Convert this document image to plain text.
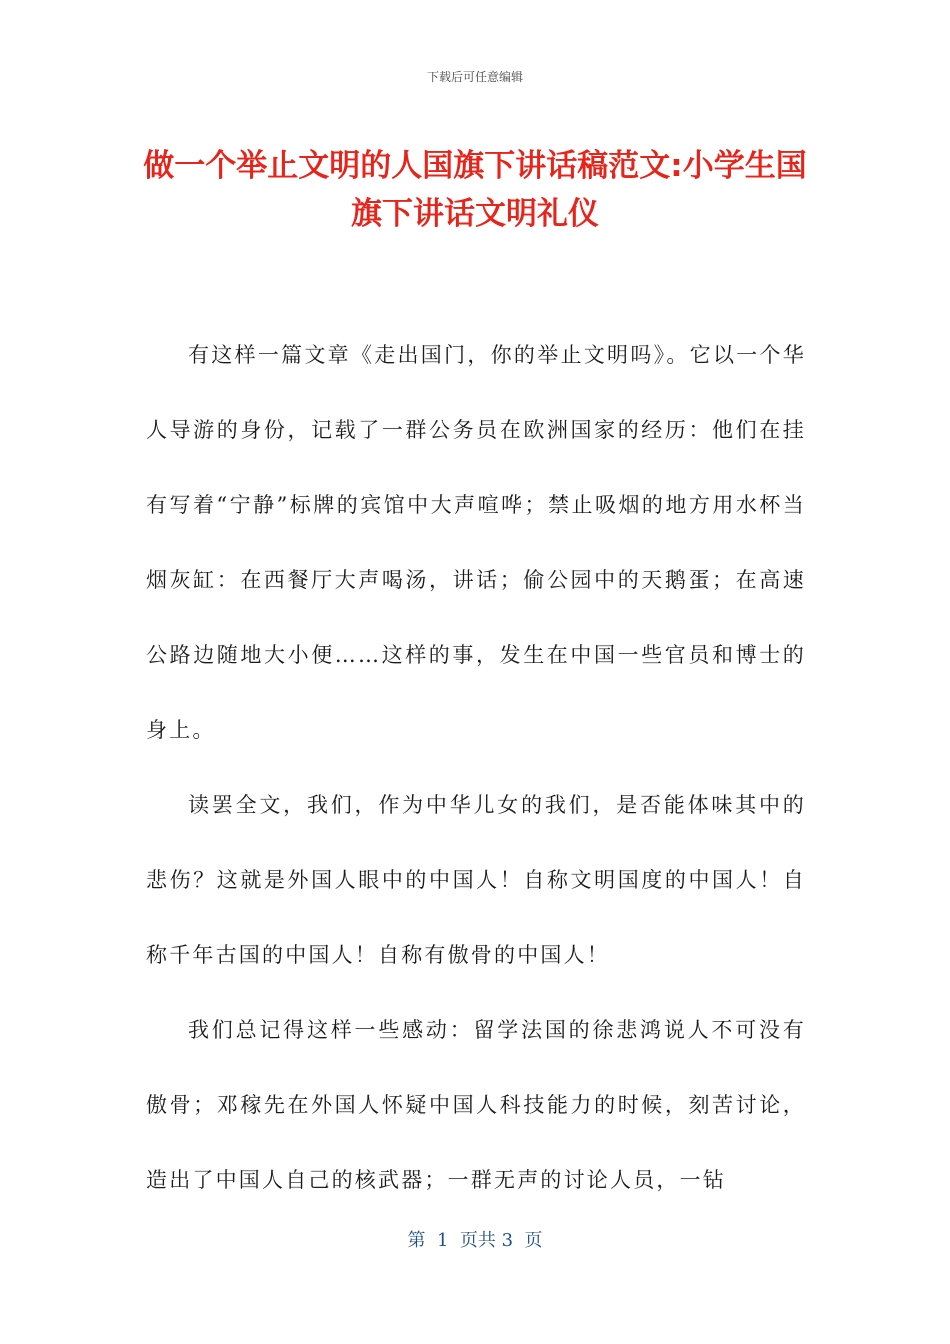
下载后可任意编辑
做一个举止文明的人国旗下讲话稿范文:小学生国旗下讲话文明礼仪

有这样一篇文章《走出国门，你的举止文明吗》。它以一个华人导游的身份，记载了一群公务员在欧洲国家的经历：他们在挂有写着“宁静”标牌的宾馆中大声喧哗；禁止吸烟的地方用水杯当烟灰缸：在西餐厅大声喝汤，讲话；偷公园中的天鹅蛋；在高速公路边随地大小便……这样的事，发生在中国一些官员和博士的身上。

读罢全文，我们，作为中华儿女的我们，是否能体味其中的悲伤？这就是外国人眼中的中国人！自称文明国度的中国人！自称千年古国的中国人！自称有傲骨的中国人！

我们总记得这样一些感动：留学法国的徐悲鸿说人不可没有傲骨；邓稼先在外国人怀疑中国人科技能力的时候，刻苦讨论，造出了中国人自己的核武器；一群无声的讨论人员，一钻

第  1  页共 3  页
